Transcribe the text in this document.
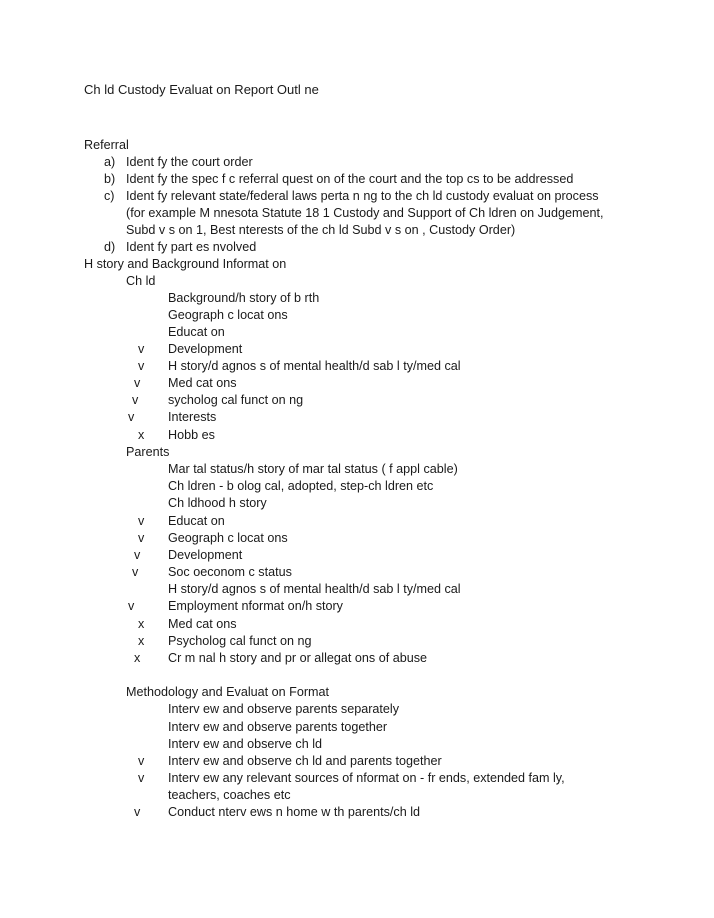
Ch ld Custody Evaluat on Report Outl ne
Referral
a) Ident fy the court order
b) Ident fy the spec f c referral quest on of the court and the top cs to be addressed
c) Ident fy relevant state/federal laws perta n ng to the ch ld custody evaluat on process
(for example M nnesota Statute 18 1 Custody and Support of Ch ldren on Judgement,
Subd v s on 1, Best nterests of the ch ld Subd v s on , Custody Order)
d) Ident fy part es nvolved
H story and Background Informat on
Ch ld
Background/h story of b rth
Geograph c locat ons
Educat on
v Development
v H story/d agnos s of mental health/d sab l ty/med cal
v Med cat ons
v sycholog cal funct on ng
v	Interests
x Hobb es
Parents
Mar tal status/h story of mar tal status ( f appl cable)
Ch ldren - b olog cal, adopted, step-ch ldren etc
Ch ldhood h story
v Educat on
v Geograph c locat ons
v Development
v Soc oeconom c status
H story/d agnos s of mental health/d sab l ty/med cal
v	Employment nformat on/h story
x Med cat ons
x Psycholog cal funct on ng
x Cr m nal h story and pr or allegat ons of abuse
Methodology and Evaluat on Format
Interv ew and observe parents separately
Interv ew and observe parents together
Interv ew and observe ch ld
v Interv ew and observe ch ld and parents together
v Interv ew any relevant sources of nformat on - fr ends, extended fam ly,
teachers, coaches etc
v Conduct nterv ews n home w th parents/ch ld
